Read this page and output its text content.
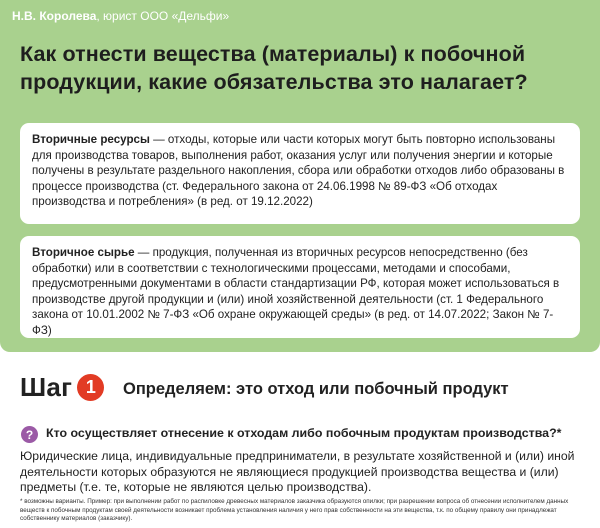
Н.В. Королева, юрист ООО «Дельфи»
Как отнести вещества (материалы) к побочной продукции, какие обязательства это налагает?
Вторичные ресурсы — отходы, которые или части которых могут быть повторно использованы для производства товаров, выполнения работ, оказания услуг или получения энергии и которые получены в результате раздельного накопления, сбора или обработки отходов либо образованы в процессе производства (ст. Федерального закона от 24.06.1998 № 89-ФЗ «Об отходах производства и потребления» (в ред. от 19.12.2022)
Вторичное сырье — продукция, полученная из вторичных ресурсов непосредственно (без обработки) или в соответствии с технологическими процессами, методами и способами, предусмотренными документами в области стандартизации РФ, которая может использоваться в производстве другой продукции и (или) иной хозяйственной деятельности (ст. 1 Федерального закона от 10.01.2002 № 7-ФЗ «Об охране окружающей среды» (в ред. от 14.07.2022; Закон № 7-ФЗ)
Шаг 1	Определяем: это отход или побочный продукт
?	Кто осуществляет отнесение к отходам либо побочным продуктам производства?*
Юридические лица, индивидуальные предприниматели, в результате хозяйственной и (или) иной деятельности которых образуются не являющиеся продукцией производства вещества и (или) предметы (т.е. те, которые не являются целью производства).
* возможны варианты. Пример: при выполнении работ по распиловке древесных материалов заказчика образуются опилки; при разрешении вопроса об отнесении исполнителем данных веществ к побочным продуктам своей деятельности возникает проблема установления наличия у него прав собственности на эти вещества, т.к. по общему правилу они принадлежат собственнику материалов (заказчику).
